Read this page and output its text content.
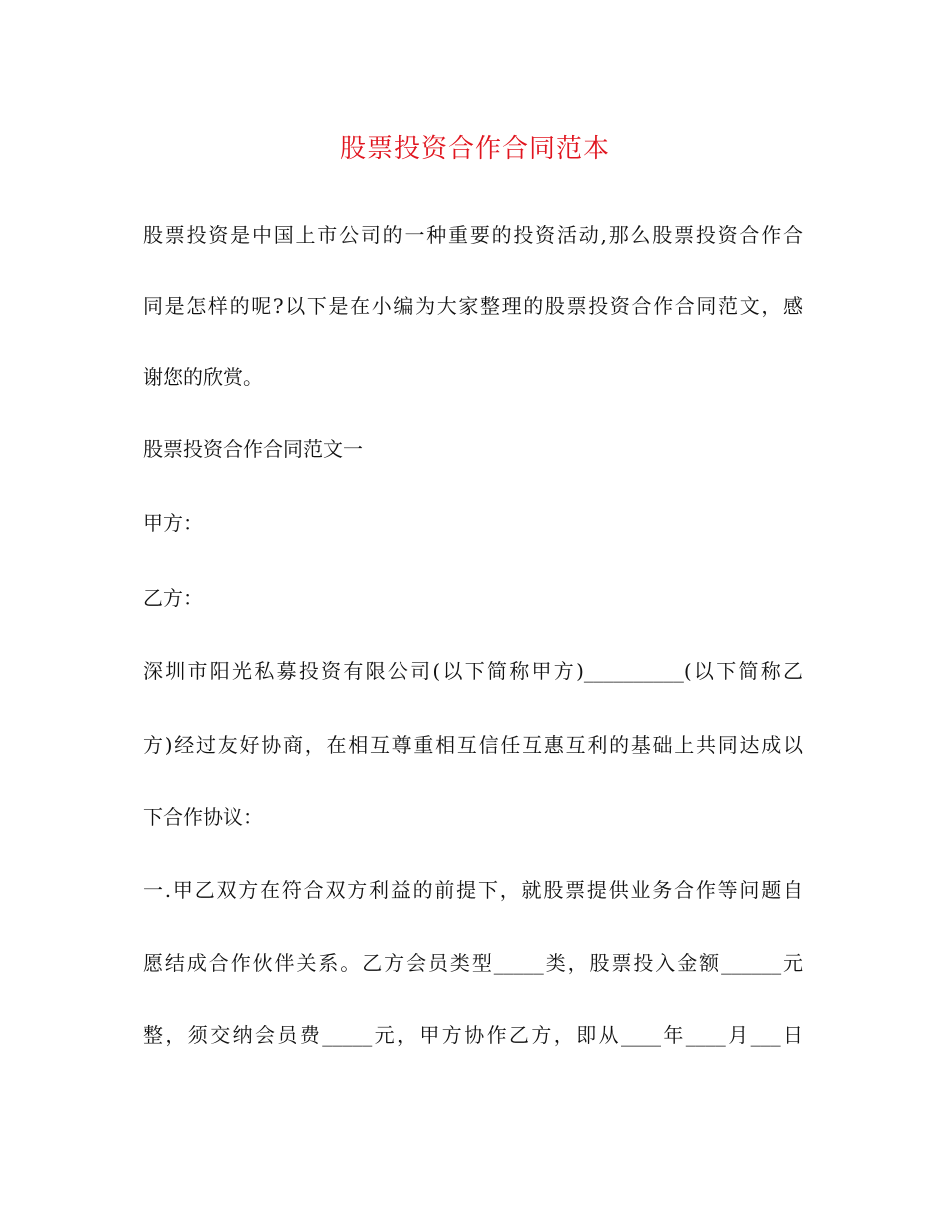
股票投资合作合同范本
股票投资是中国上市公司的一种重要的投资活动,那么股票投资合作合
同是怎样的呢?以下是在小编为大家整理的股票投资合作合同范文，感
谢您的欣赏。
股票投资合作合同范文一
甲方：
乙方：
深圳市阳光私募投资有限公司(以下简称甲方)__________(以下简称乙
方)经过友好协商，在相互尊重相互信任互惠互利的基础上共同达成以
下合作协议：
一.甲乙双方在符合双方利益的前提下，就股票提供业务合作等问题自
愿结成合作伙伴关系。乙方会员类型_____类，股票投入金额______元
整，须交纳会员费_____元，甲方协作乙方，即从____年____月___日
